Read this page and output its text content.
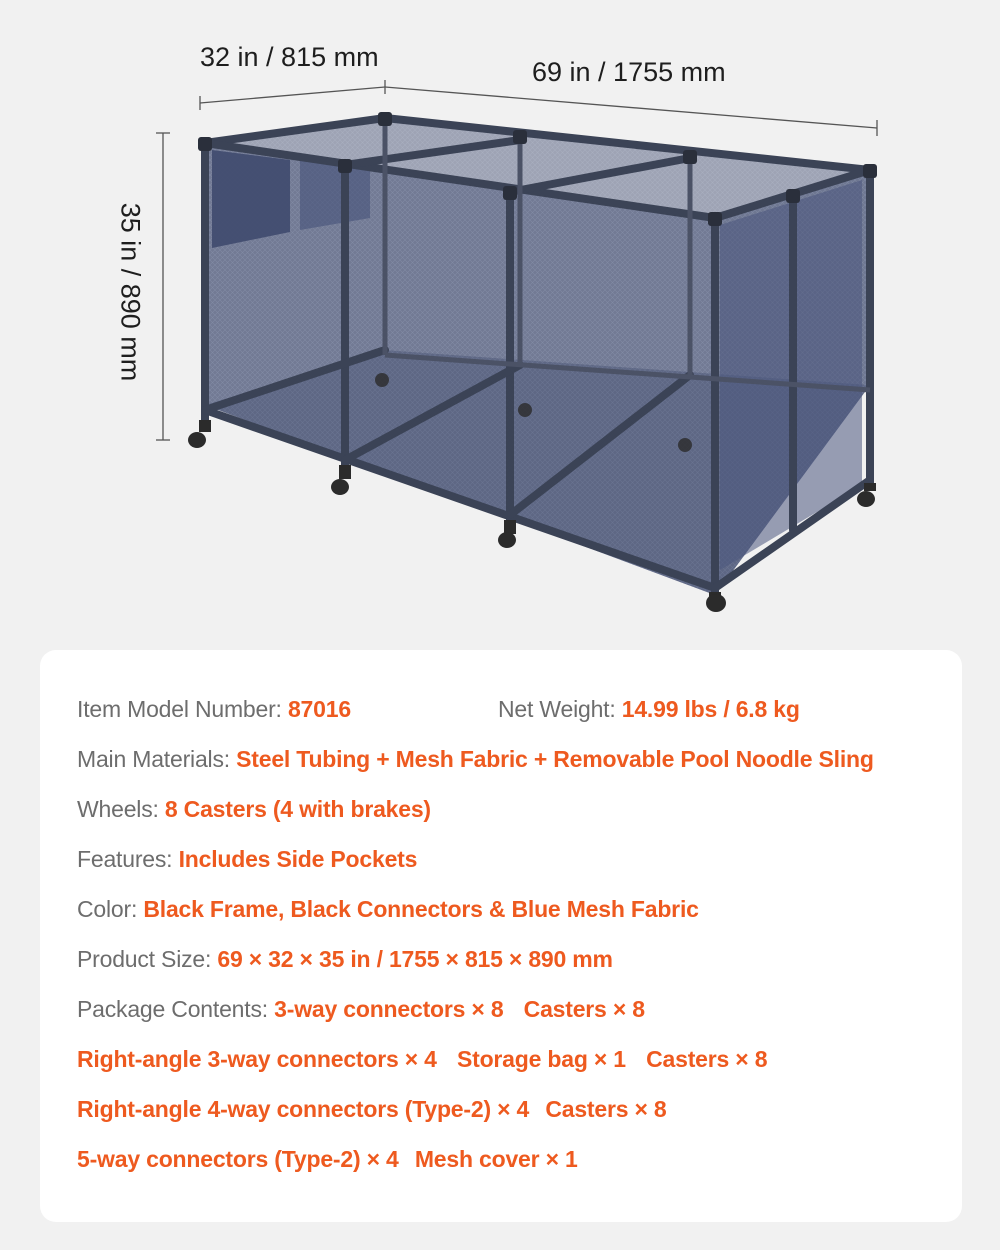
32 in / 815 mm	69 in / 1755 mm
35 in / 890 mm
Item Model Number: 87016	Net Weight: 14.99 lbs / 6.8 kg
Main Materials: Steel Tubing + Mesh Fabric + Removable Pool Noodle Sling
Wheels: 8 Casters (4 with brakes)
Features: Includes Side Pockets
Color: Black Frame, Black Connectors & Blue Mesh Fabric
Product Size: 69 × 32 × 35 in / 1755 × 815 × 890 mm
Package Contents: 3-way connectors × 8 Casters × 8
Right-angle 3-way connectors × 4 Storage bag × 1 Casters × 8
Right-angle 4-way connectors (Type-2) × 4 Casters × 8
5-way connectors (Type-2) × 4 Mesh cover × 1
